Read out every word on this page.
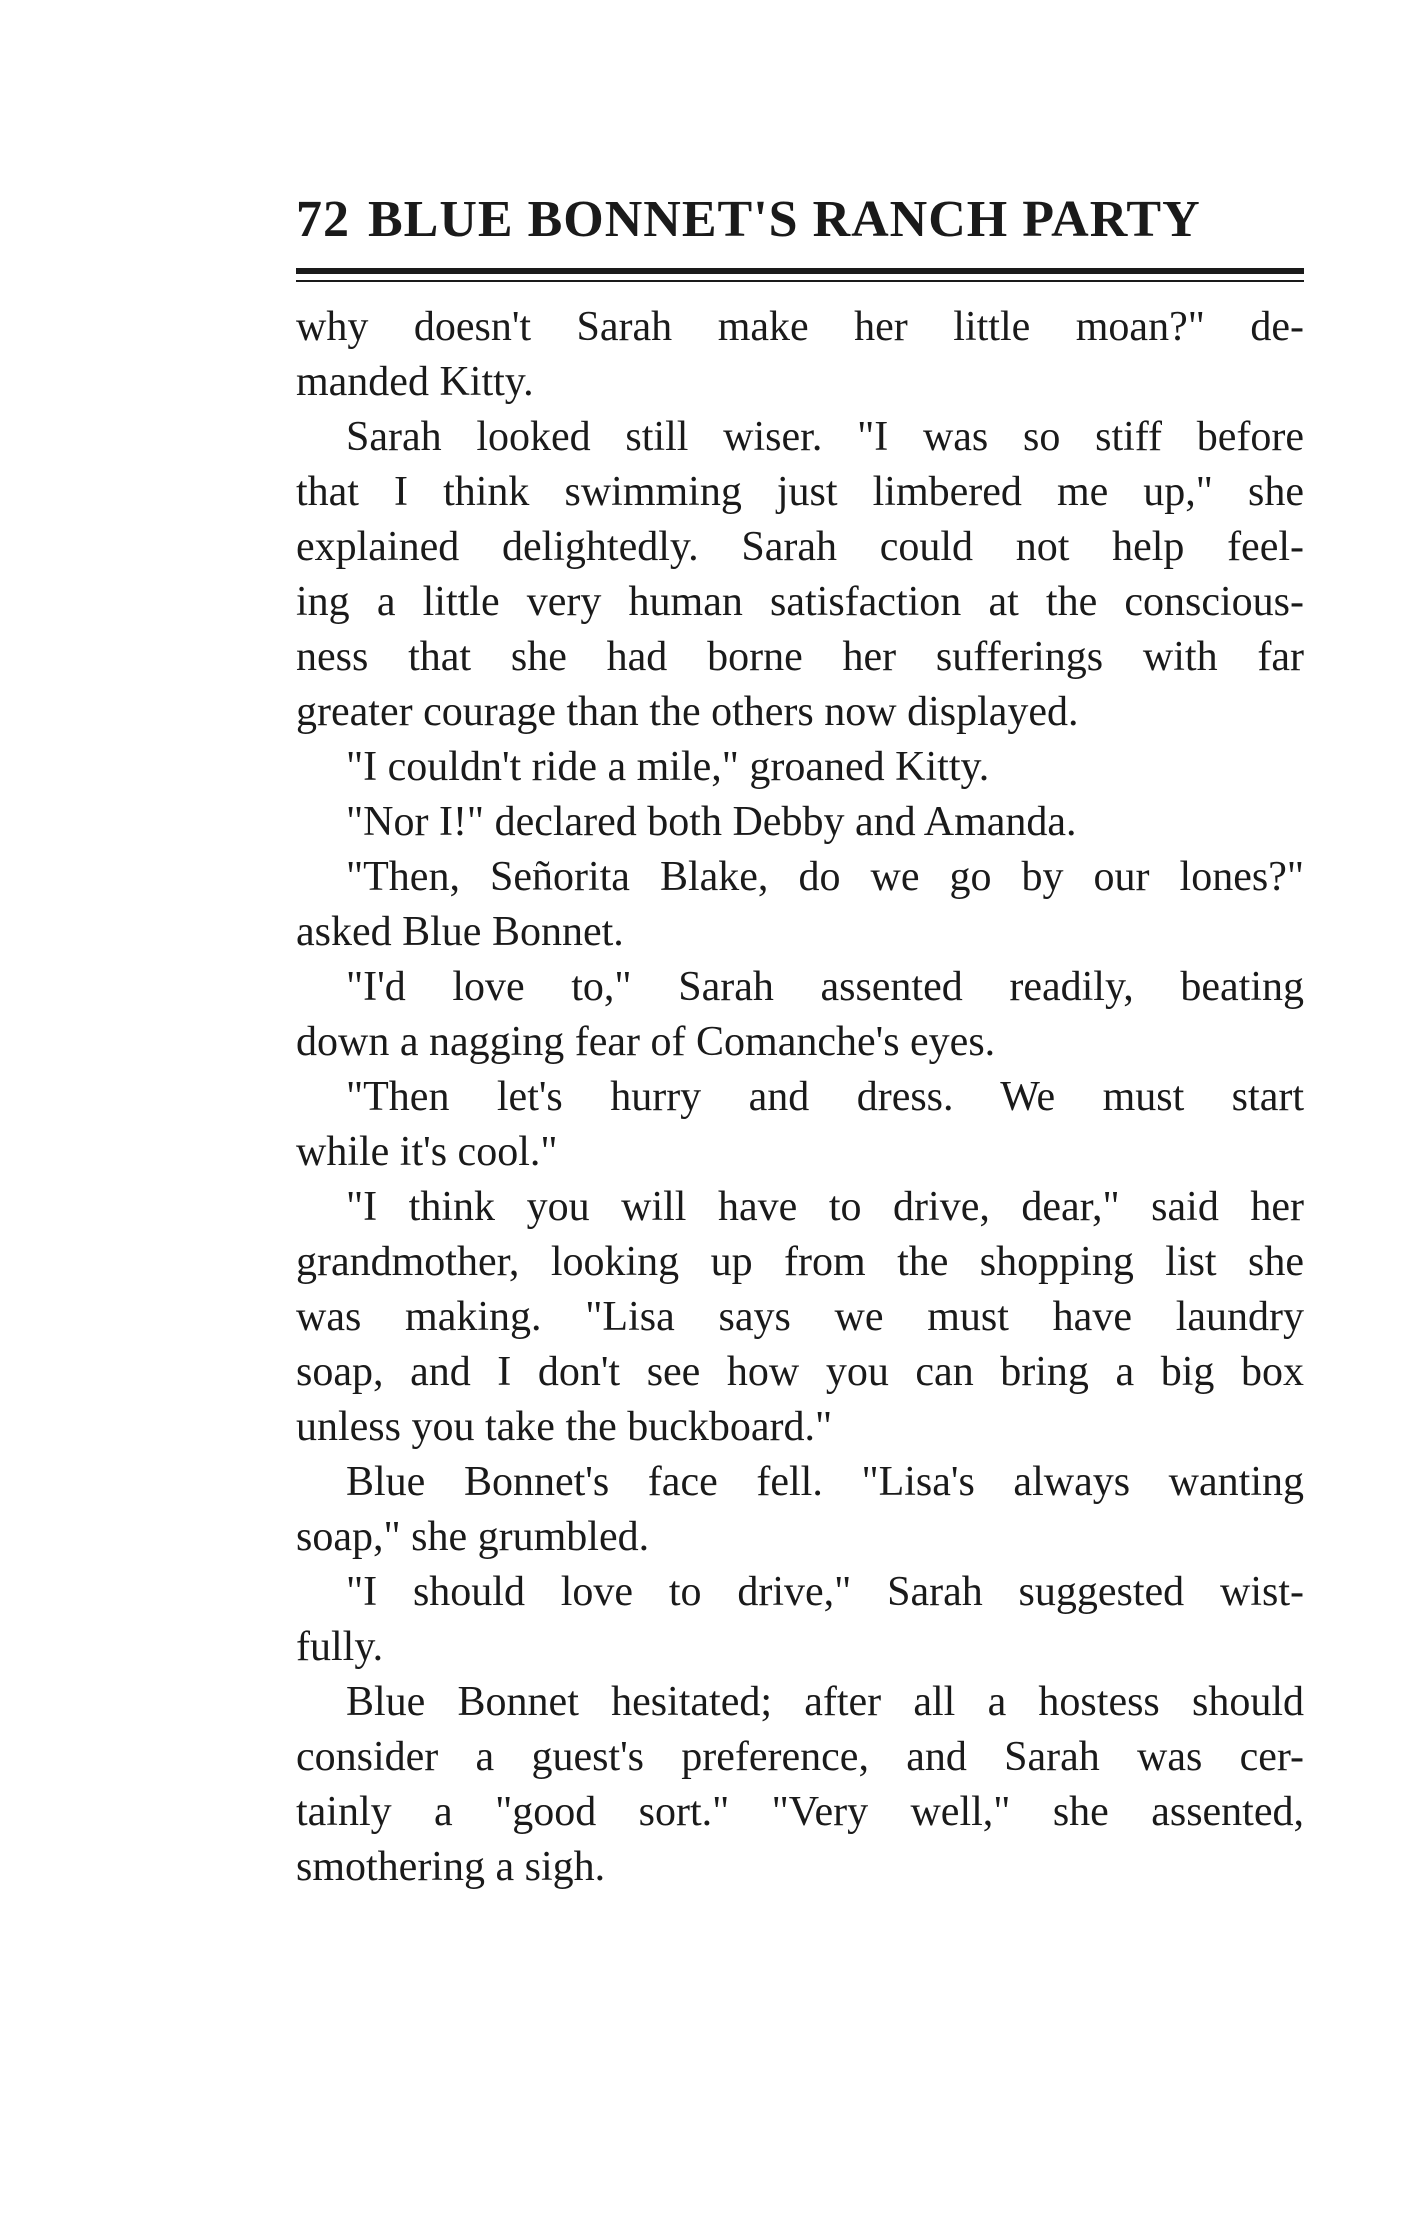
72 BLUE BONNET'S RANCH PARTY
why doesn't Sarah make her little moan?" de-
manded Kitty.
Sarah looked still wiser. "I was so stiff before
that I think swimming just limbered me up," she
explained delightedly. Sarah could not help feel-
ing a little very human satisfaction at the conscious-
ness that she had borne her sufferings with far
greater courage than the others now displayed.
"I couldn't ride a mile," groaned Kitty.
"Nor I!" declared both Debby and Amanda.
"Then, Señorita Blake, do we go by our lones?"
asked Blue Bonnet.
"I'd love to," Sarah assented readily, beating
down a nagging fear of Comanche's eyes.
"Then let's hurry and dress. We must start
while it's cool."
"I think you will have to drive, dear," said her
grandmother, looking up from the shopping list she
was making. "Lisa says we must have laundry
soap, and I don't see how you can bring a big box
unless you take the buckboard."
Blue Bonnet's face fell. "Lisa's always wanting
soap," she grumbled.
"I should love to drive," Sarah suggested wist-
fully.
Blue Bonnet hesitated; after all a hostess should
consider a guest's preference, and Sarah was cer-
tainly a "good sort." "Very well," she assented,
smothering a sigh.
